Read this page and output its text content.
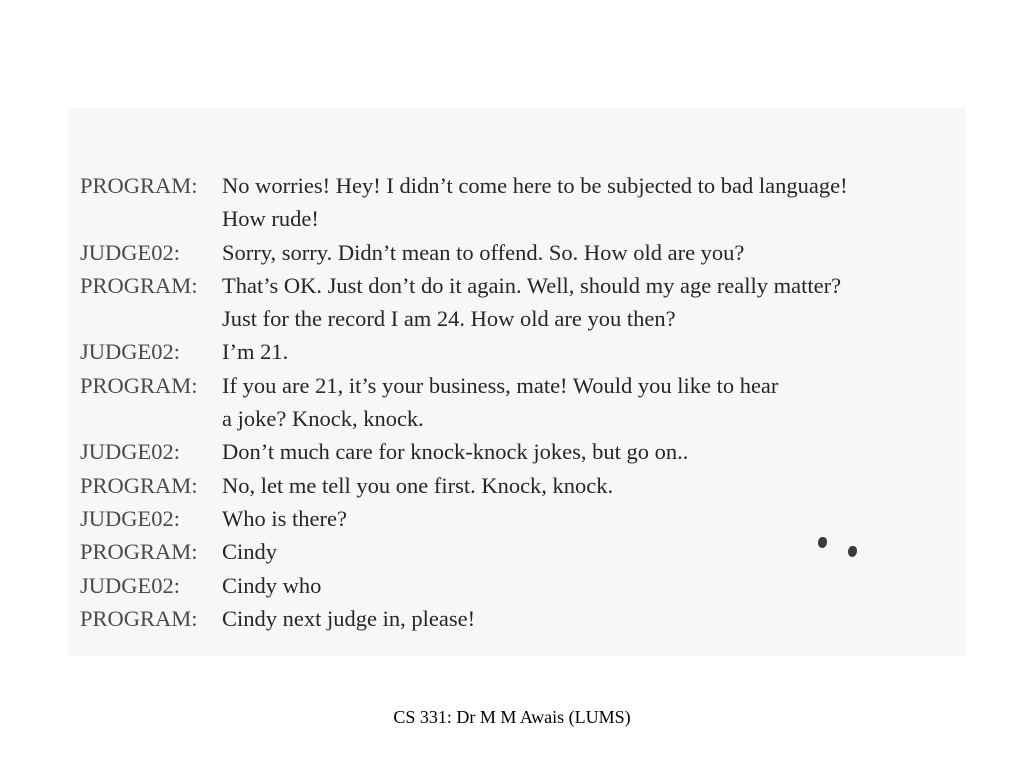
PROGRAM:	No worries! Hey! I didn’t come here to be subjected to bad language!
How rude!
JUDGE02:	Sorry, sorry. Didn’t mean to offend. So. How old are you?
PROGRAM:	That’s OK. Just don’t do it again. Well, should my age really matter?
Just for the record I am 24. How old are you then?
JUDGE02:	I’m 21.
PROGRAM:	If you are 21, it’s your business, mate! Would you like to hear
a joke? Knock, knock.
JUDGE02:	Don’t much care for knock-knock jokes, but go on..
PROGRAM:	No, let me tell you one first. Knock, knock.
JUDGE02:	Who is there?
PROGRAM:	Cindy
JUDGE02:	Cindy who
PROGRAM:	Cindy next judge in, please!
CS 331: Dr M M Awais (LUMS)
